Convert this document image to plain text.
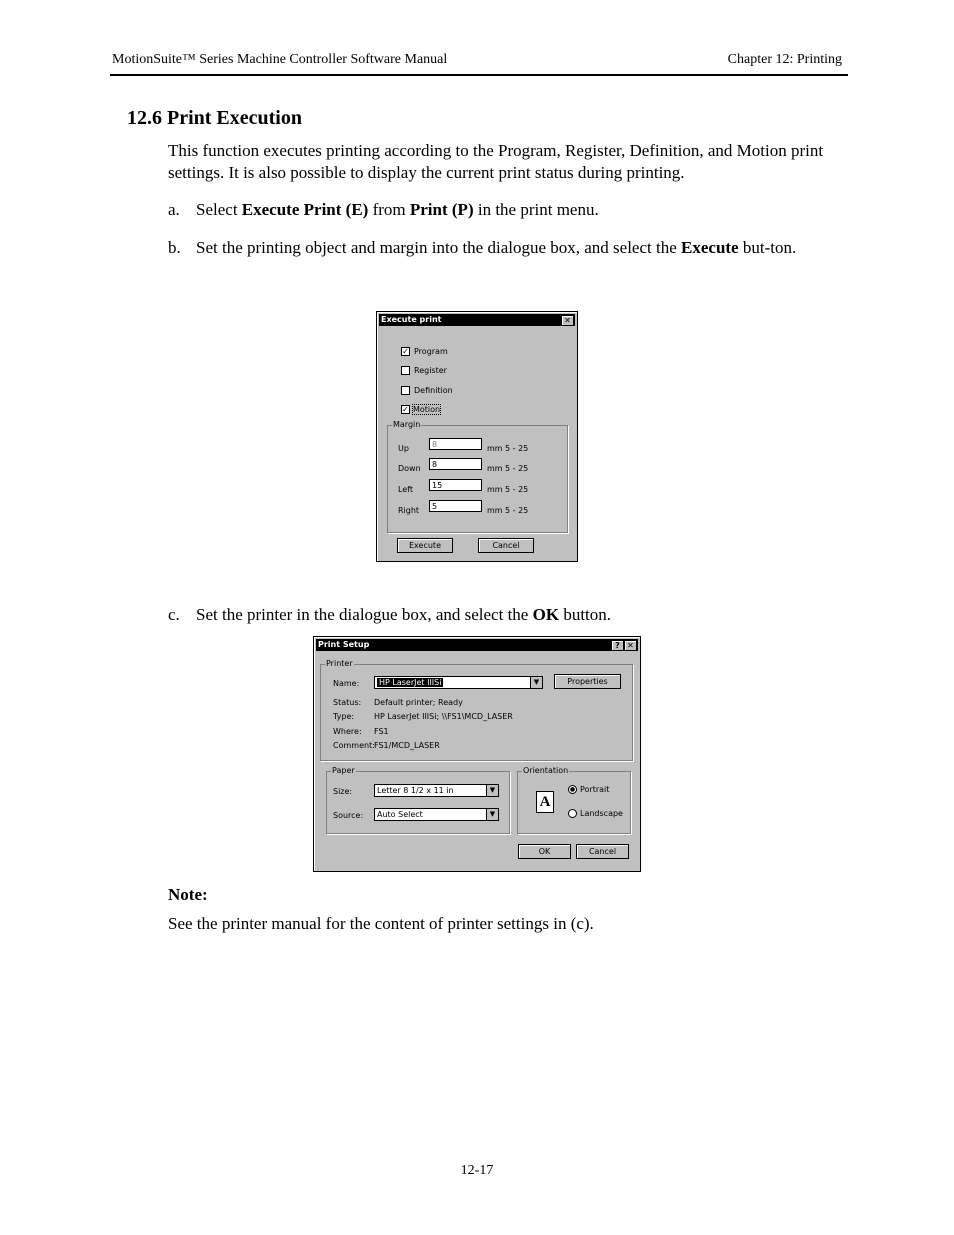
MotionSuite™ Series Machine Controller Software Manual	Chapter 12: Printing
12.6 Print Execution
This function executes printing according to the Program, Register, Definition, and Motion print settings. It is also possible to display the current print status during printing.
a. Select Execute Print (E) from Print (P) in the print menu.
b. Set the printing object and margin into the dialogue box, and select the Execute but-ton.
Execute print	✕
✓ Program
Register
Definition
✓ Motion
Margin
Up	8	mm 5 - 25
Down	8	mm 5 - 25
Left	15	mm 5 - 25
Right	5	mm 5 - 25
Execute	Cancel
c. Set the printer in the dialogue box, and select the OK button.
Print Setup	? ✕
Printer
Name:	HP LaserJet IIISi	▼	Properties
Status: Default printer; Ready
Type: HP LaserJet IIISi; \\FS1\MCD_LASER
Where: FS1
Comment: FS1/MCD_LASER
Paper
Size:	Letter 8 1/2 x 11 in	▼
Source:	Auto Select	▼
Orientation
A
● Portrait
Landscape
OK	Cancel
Note:
See the printer manual for the content of printer settings in (c).
12-17
